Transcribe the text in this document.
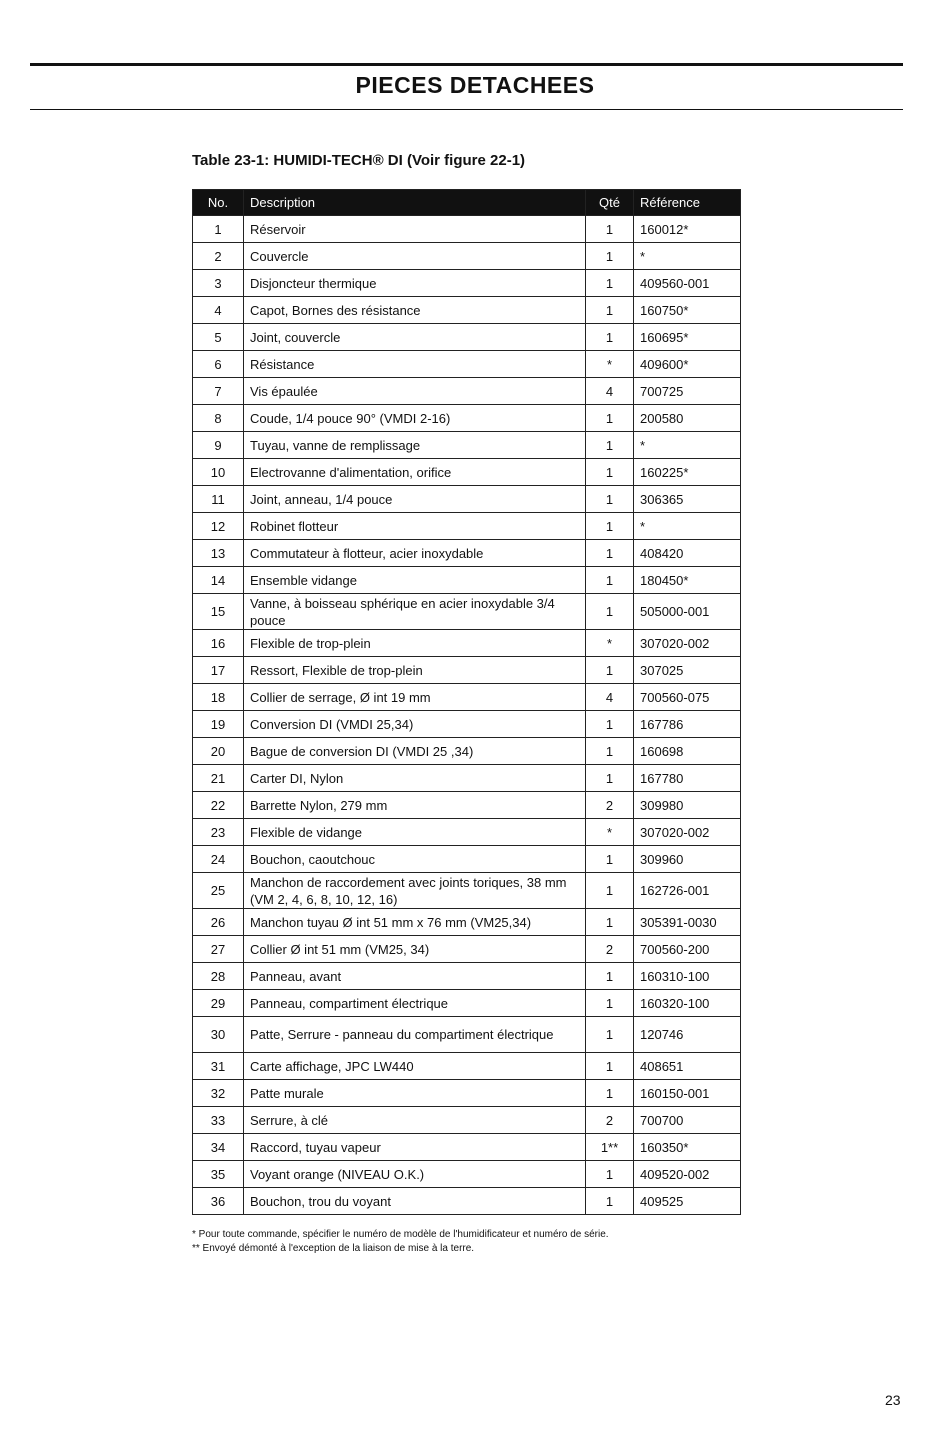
PIECES DETACHEES
Table 23-1: HUMIDI-TECH® DI (Voir figure 22-1)
No.	Description	Qté	Référence
1	Réservoir	1	160012*
2	Couvercle	1	*
3	Disjoncteur thermique	1	409560-001
4	Capot, Bornes des résistance	1	160750*
5	Joint, couvercle	1	160695*
6	Résistance	*	409600*
7	Vis épaulée	4	700725
8	Coude, 1/4 pouce 90° (VMDI 2-16)	1	200580
9	Tuyau, vanne de remplissage	1	*
10	Electrovanne d'alimentation, orifice	1	160225*
11	Joint, anneau, 1/4 pouce	1	306365
12	Robinet flotteur	1	*
13	Commutateur à flotteur, acier inoxydable	1	408420
14	Ensemble vidange	1	180450*
15	Vanne, à boisseau sphérique en acier inoxydable 3/4 pouce	1	505000-001
16	Flexible de trop-plein	*	307020-002
17	Ressort, Flexible de trop-plein	1	307025
18	Collier de serrage, Ø int 19 mm	4	700560-075
19	Conversion DI (VMDI 25,34)	1	167786
20	Bague de conversion DI (VMDI 25 ,34)	1	160698
21	Carter DI, Nylon	1	167780
22	Barrette Nylon, 279 mm	2	309980
23	Flexible de vidange	*	307020-002
24	Bouchon, caoutchouc	1	309960
25	Manchon de raccordement avec joints toriques, 38 mm (VM 2, 4, 6, 8, 10, 12, 16)	1	162726-001
26	Manchon tuyau Ø int 51 mm x 76 mm (VM25,34)	1	305391-0030
27	Collier Ø int 51 mm (VM25, 34)	2	700560-200
28	Panneau, avant	1	160310-100
29	Panneau, compartiment électrique	1	160320-100
30	Patte, Serrure - panneau du compartiment électrique	1	120746
31	Carte affichage, JPC LW440	1	408651
32	Patte murale	1	160150-001
33	Serrure, à clé	2	700700
34	Raccord, tuyau vapeur	1**	160350*
35	Voyant orange (NIVEAU O.K.)	1	409520-002
36	Bouchon, trou du voyant	1	409525
* Pour toute commande, spécifier le numéro de modèle de l'humidificateur et numéro de série.
** Envoyé démonté à l'exception de la liaison de mise à la terre.
23
